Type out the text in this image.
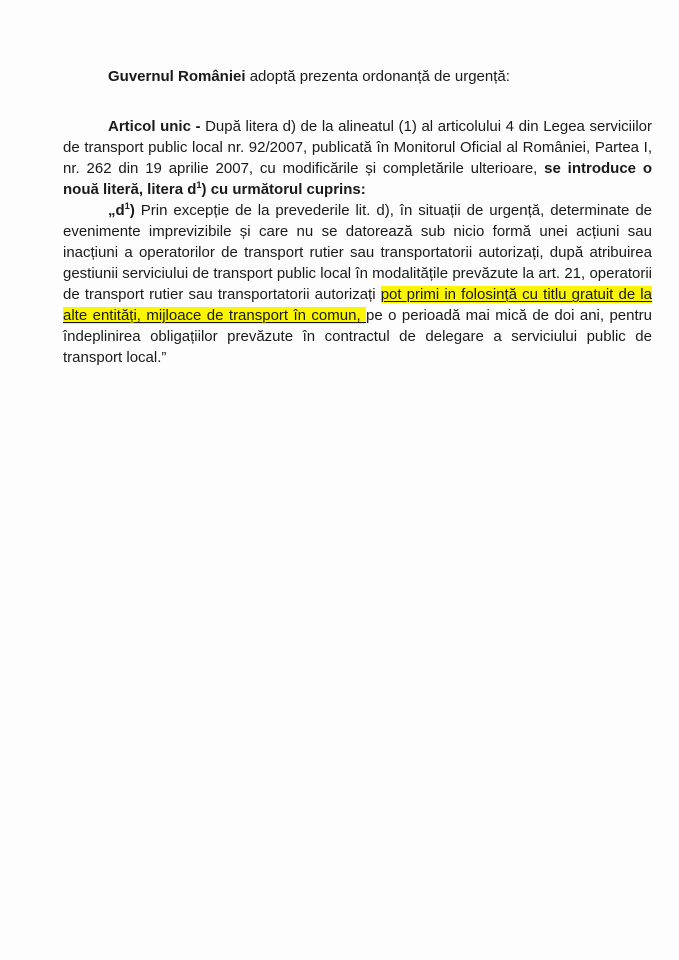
Guvernul României adoptă prezenta ordonanță de urgență:

Articol unic - După litera d) de la alineatul (1) al articolului 4 din Legea serviciilor de transport public local nr. 92/2007, publicată în Monitorul Oficial al României, Partea I, nr. 262 din 19 aprilie 2007, cu modificările și completările ulterioare, se introduce o nouă literă, litera $d^1$) cu următorul cuprins:

$„d^1$) Prin excepție de la prevederile lit. d), în situații de urgență, determinate de evenimente imprevizibile și care nu se datorează sub nicio formă unei acțiuni sau inacțiuni a operatorilor de transport rutier sau transportatorii autorizați, după atribuirea gestiunii serviciului de transport public local în modalitățile prevăzute la art. 21, operatorii de transport rutier sau transportatorii autorizați pot primi in folosință cu titlu gratuit de la alte entități, mijloace de transport în comun, pe o perioadă mai mică de doi ani, pentru îndeplinirea obligațiilor prevăzute în contractul de delegare a serviciului public de transport local.”
